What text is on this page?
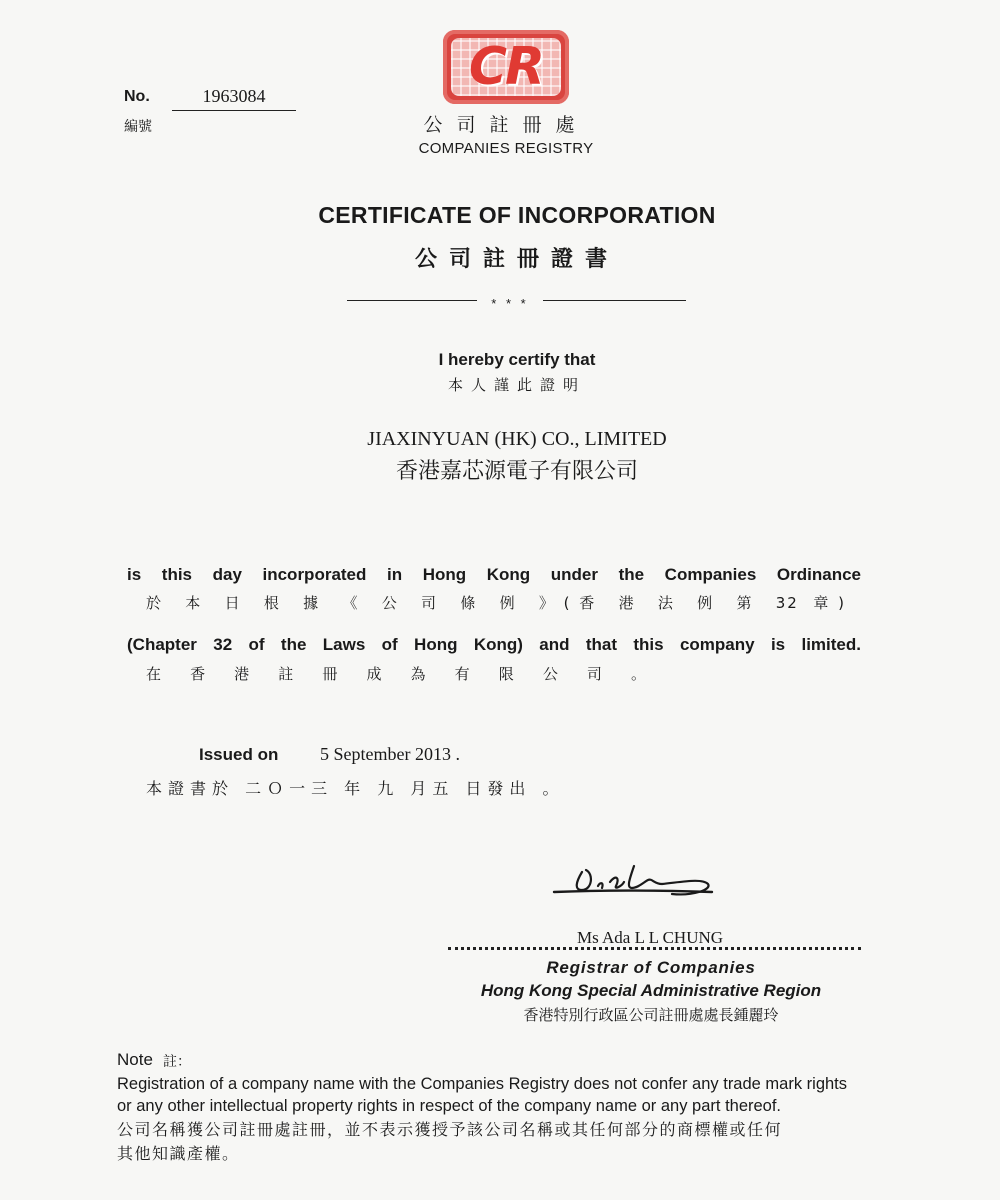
No.	1963084
編號
CR
公司註冊處
COMPANIES REGISTRY
CERTIFICATE OF INCORPORATION
公司註冊證書
* * *
I hereby certify that
本人謹此證明
JIAXINYUAN (HK) CO., LIMITED
香港嘉芯源電子有限公司
is this day incorporated in Hong Kong under the Companies Ordinance
於 本 日 根 據 《 公 司 條 例 》(香 港 法 例 第 32 章)
(Chapter 32 of the Laws of Hong Kong) and that this company is limited.
在 香 港 註 冊 成 為 有 限 公 司 。
Issued on 5 September 2013 .
本證書於 二Ｏ一三 年 九 月五 日發出 。
Ms Ada L L CHUNG
Registrar of Companies
Hong Kong Special Administrative Region
香港特別行政區公司註冊處處長鍾麗玲
Note 註：
Registration of a company name with the Companies Registry does not confer any trade mark rights
or any other intellectual property rights in respect of the company name or any part thereof.
公司名稱獲公司註冊處註冊，並不表示獲授予該公司名稱或其任何部分的商標權或任何
其他知識產權。
